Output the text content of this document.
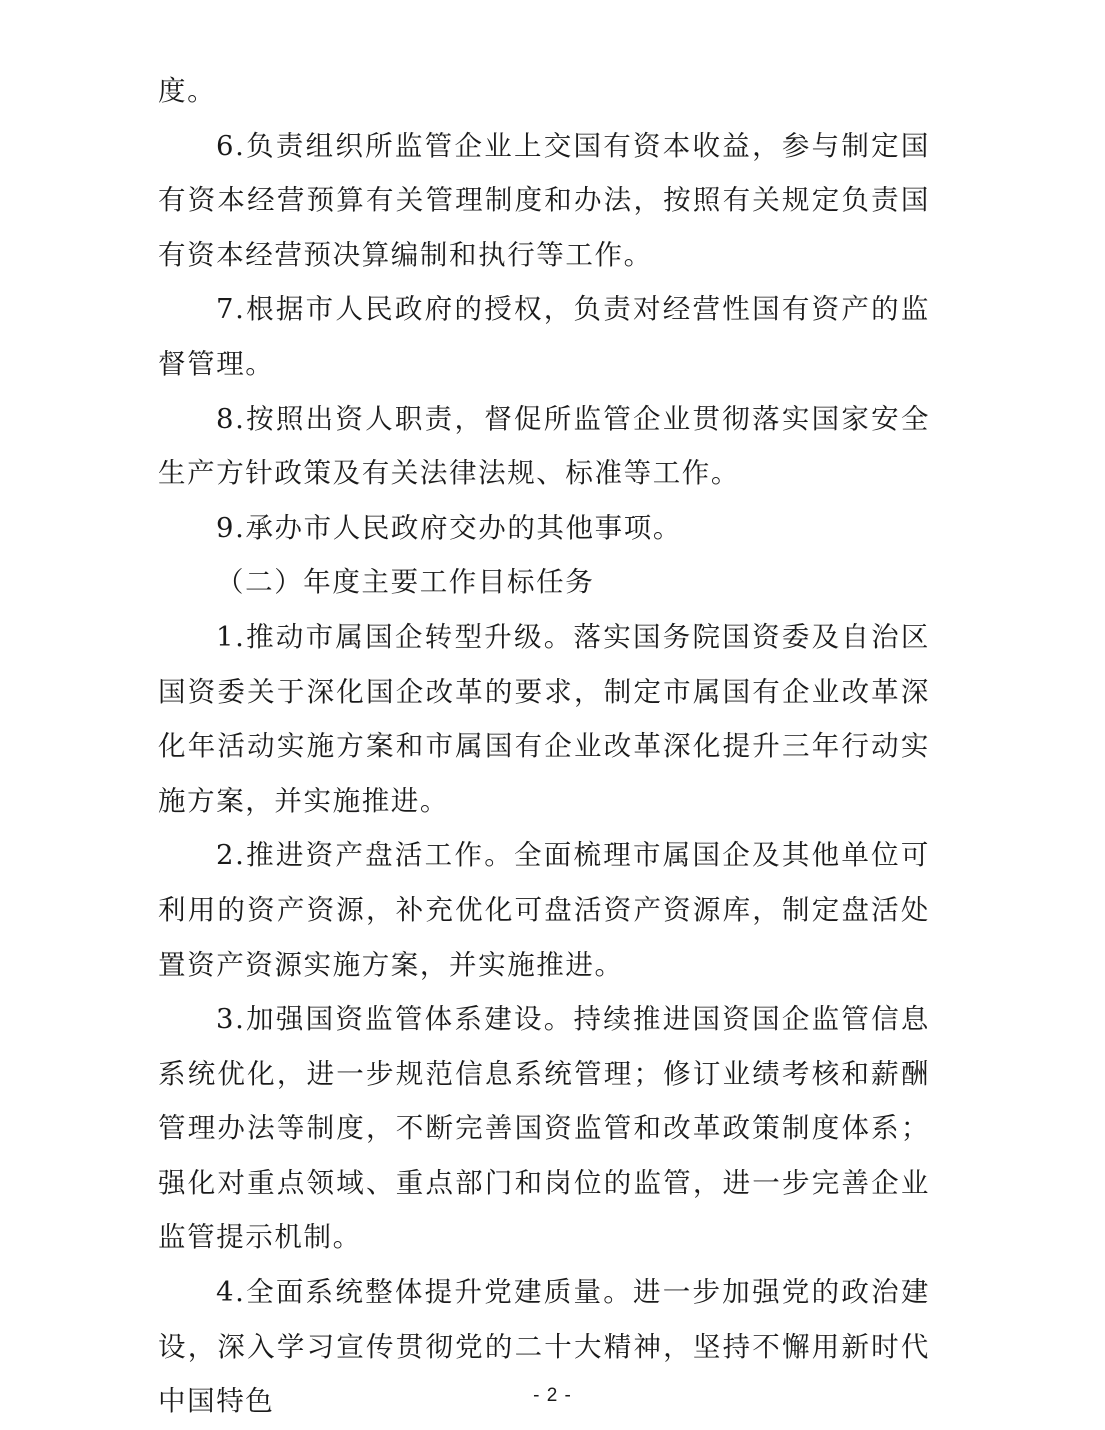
度。

6.负责组织所监管企业上交国有资本收益，参与制定国有资本经营预算有关管理制度和办法，按照有关规定负责国有资本经营预决算编制和执行等工作。

7.根据市人民政府的授权，负责对经营性国有资产的监督管理。

8.按照出资人职责，督促所监管企业贯彻落实国家安全生产方针政策及有关法律法规、标准等工作。

9.承办市人民政府交办的其他事项。

（二）年度主要工作目标任务

1.推动市属国企转型升级。落实国务院国资委及自治区国资委关于深化国企改革的要求，制定市属国有企业改革深化年活动实施方案和市属国有企业改革深化提升三年行动实施方案，并实施推进。

2.推进资产盘活工作。全面梳理市属国企及其他单位可利用的资产资源，补充优化可盘活资产资源库，制定盘活处置资产资源实施方案，并实施推进。

3.加强国资监管体系建设。持续推进国资国企监管信息系统优化，进一步规范信息系统管理；修订业绩考核和薪酬管理办法等制度，不断完善国资监管和改革政策制度体系；强化对重点领域、重点部门和岗位的监管，进一步完善企业监管提示机制。

4.全面系统整体提升党建质量。进一步加强党的政治建设，深入学习宣传贯彻党的二十大精神，坚持不懈用新时代中国特色	- 2 -
